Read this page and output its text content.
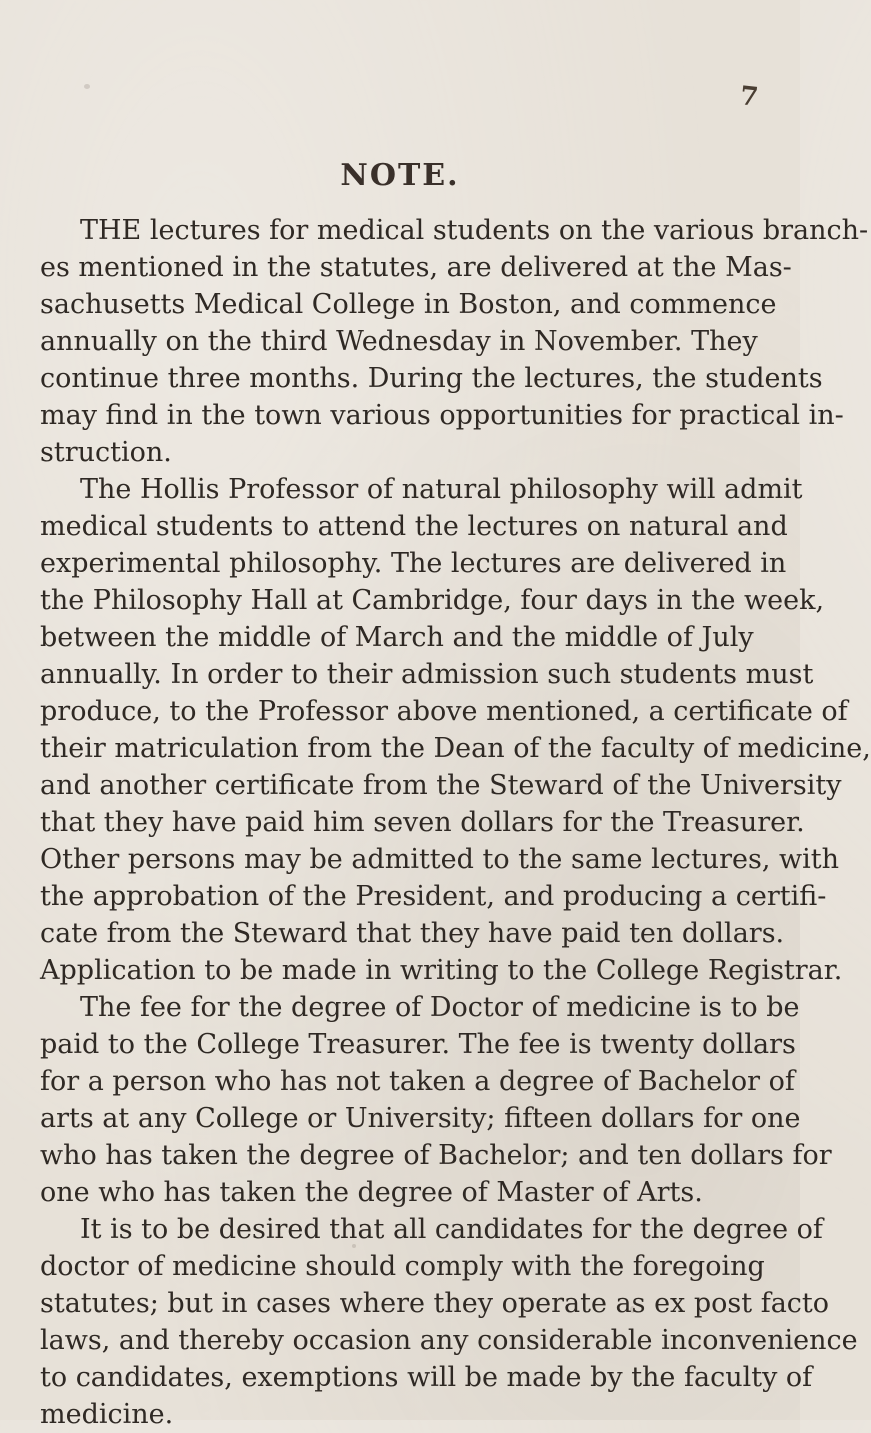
7
NOTE.

THE lectures for medical students on the various branch-

es mentioned in the statutes, are delivered at the Mas-

sachusetts Medical College in Boston, and commence

annually on the third Wednesday in November. They

continue three months. During the lectures, the students

may find in the town various opportunities for practical in-

struction.

The Hollis Professor of natural philosophy will admit

medical students to attend the lectures on natural and

experimental philosophy. The lectures are delivered in

the Philosophy Hall at Cambridge, four days in the week,

between the middle of March and the middle of July

annually. In order to their admission such students must

produce, to the Professor above mentioned, a certificate of

their matriculation from the Dean of the faculty of medicine,

and another certificate from the Steward of the University

that they have paid him seven dollars for the Treasurer.

Other persons may be admitted to the same lectures, with

the approbation of the President, and producing a certifi-

cate from the Steward that they have paid ten dollars.

Application to be made in writing to the College Registrar.

The fee for the degree of Doctor of medicine is to be

paid to the College Treasurer. The fee is twenty dollars

for a person who has not taken a degree of Bachelor of

arts at any College or University; fifteen dollars for one

who has taken the degree of Bachelor; and ten dollars for

one who has taken the degree of Master of Arts.

It is to be desired that all candidates for the degree of

doctor of medicine should comply with the foregoing

statutes; but in cases where they operate as ex post facto

laws, and thereby occasion any considerable inconvenience

to candidates, exemptions will be made by the faculty of

medicine.
